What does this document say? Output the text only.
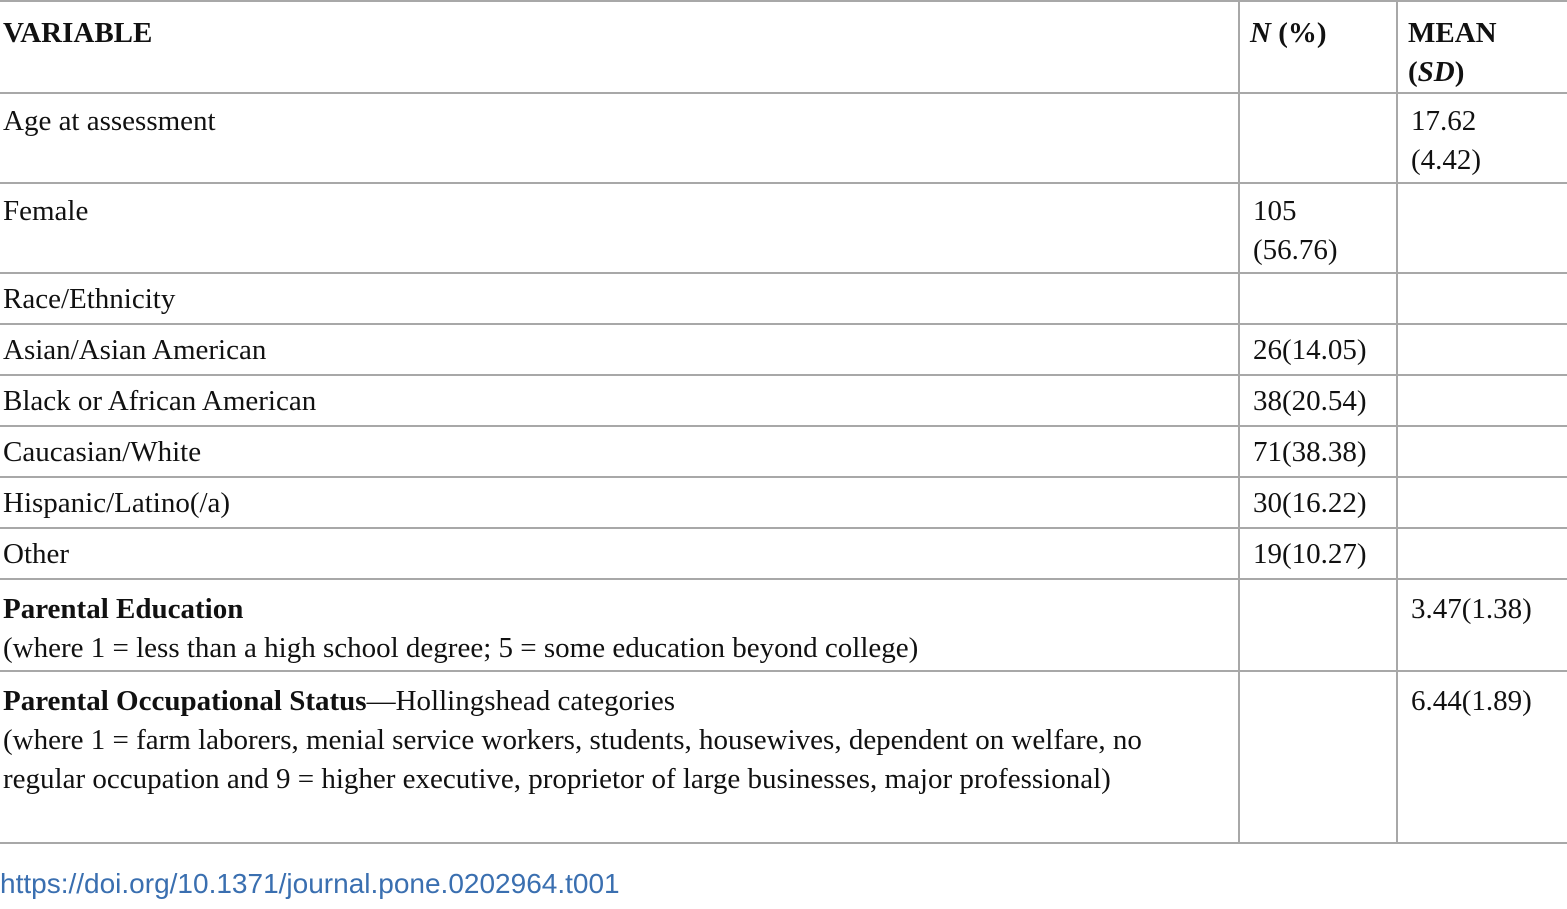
VARIABLE	N (%)	MEAN
(SD)
Age at assessment		17.62
(4.42)

Female	105
(56.76)	

Race/Ethnicity		
Asian/Asian American	26(14.05)	
Black or African American	38(20.54)	
Caucasian/White	71(38.38)	
Hispanic/Latino(/a)	30(16.22)	
Other	19(10.27)	

Parental Education
(where 1 = less than a high school degree; 5 = some education beyond college)		3.47(1.38)

Parental Occupational Status—Hollingshead categories
(where 1 = farm laborers, menial service workers, students, housewives, dependent on welfare, no regular occupation and 9 = higher executive, proprietor of large businesses, major professional)		6.44(1.89)
https://doi.org/10.1371/journal.pone.0202964.t001
